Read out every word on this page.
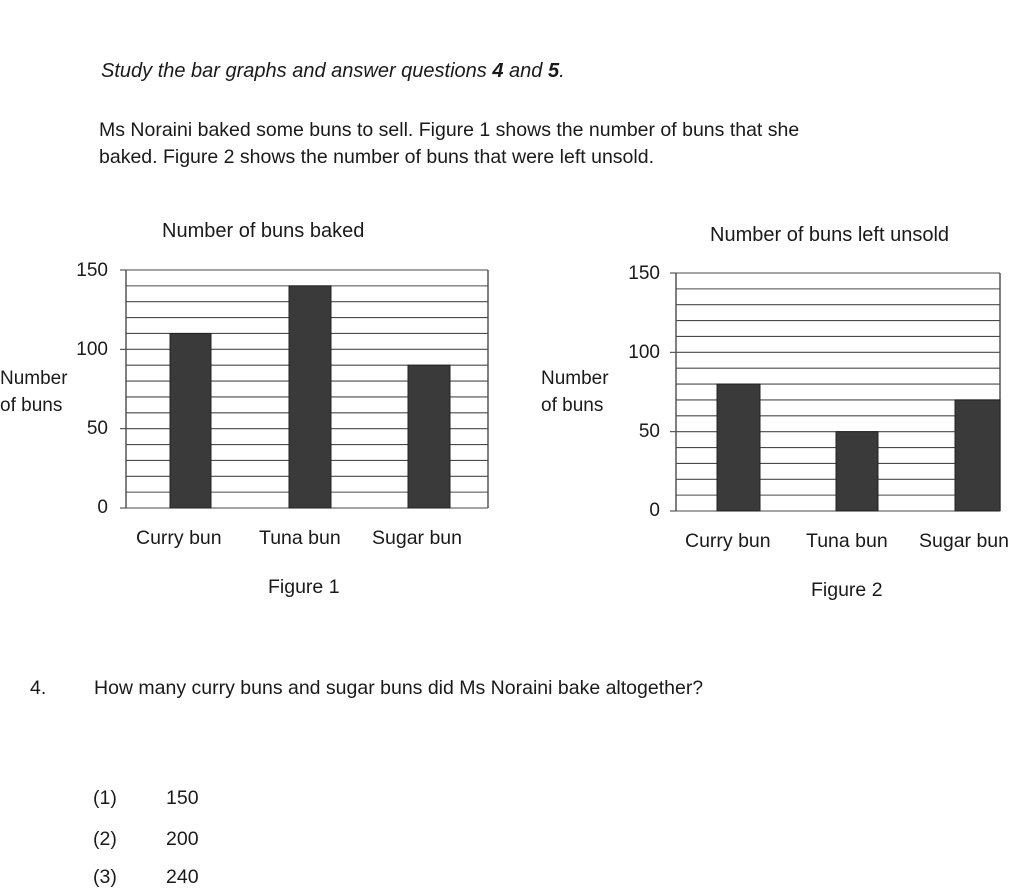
Study the bar graphs and answer questions 4 and 5.
Ms Noraini baked some buns to sell. Figure 1 shows the number of buns that she
baked. Figure 2 shows the number of buns that were left unsold.
Number of buns baked
Number
of buns
150
100
50
0
Curry bun Tuna bun Sugar bun
Figure 1
Number of buns left unsold
Number
of buns
150
100
50
0
Curry bun Tuna bun Sugar bun
Figure 2
4. How many curry buns and sugar buns did Ms Noraini bake altogether?
(1)	150
(2)	200
(3)	240
